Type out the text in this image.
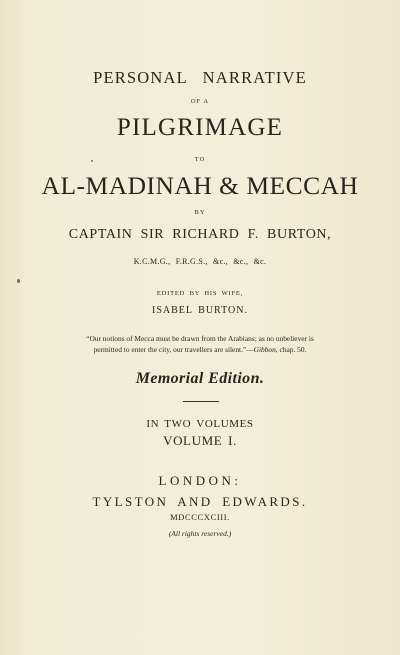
PERSONAL NARRATIVE
OF A
PILGRIMAGE
TO
AL-MADINAH & MECCAH
BY
CAPTAIN SIR RICHARD F. BURTON,
K.C.M.G., F.R.G.S., &c., &c., &c.
EDITED BY HIS WIFE,
ISABEL BURTON.
“Our notions of Mecca must be drawn from the Arabians; as no unbeliever is
permitted to enter the city, our travellers are silent.”—Gibbon, chap. 50.
Memorial Edition.
IN TWO VOLUMES
VOLUME I.
LONDON:
TYLSTON AND EDWARDS.
MDCCCXCIII.
(All rights reserved.)
